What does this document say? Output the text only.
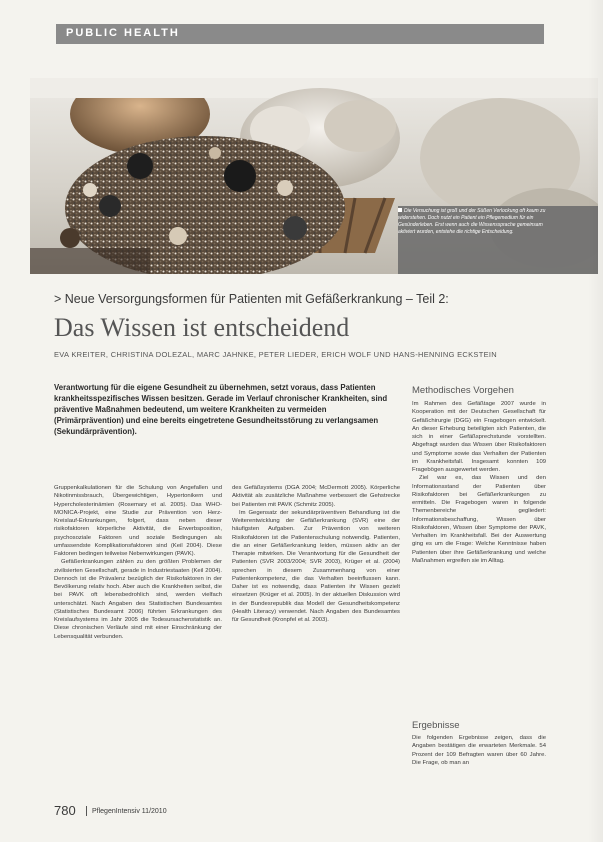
PUBLIC HEALTH
Die Versuchung ist groß und der Süßen Verlockung oft kaum zu widerstehen. Doch nutzt ein Patient ein Pflegemedium für ein Gesünderleben. Erst wenn auch die Wissenssprache gemeinsam aktiviert wurden, entstehe die richtige Entscheidung.
> Neue Versorgungsformen für Patienten mit Gefäßerkrankung – Teil 2:
Das Wissen ist entscheidend
EVA KREITER, CHRISTINA DOLEZAL, MARC JAHNKE, PETER LIEDER, ERICH WOLF UND HANS-HENNING ECKSTEIN
Verantwortung für die eigene Gesundheit zu übernehmen, setzt voraus, dass Patienten krankheitsspezifisches Wissen besitzen. Gerade im Verlauf chronischer Krankheiten, sind präventive Maßnahmen bedeutend, um weitere Krankheiten zu vermeiden (Primärprävention) und eine bereits eingetretene Gesundheitsstörung zu verlangsamen (Sekundärprävention).

Gruppenkalkulationen für die Schulung von Angefallen und Nikotinmissbrauch, Übergewichtigen, Hypertonikern und Hypercholesterinämien (Rosemary et al. 2005). Das WHO-MONICA-Projekt, eine Studie zur Prävention von Herz-Kreislauf-Erkrankungen, folgert, dass neben dieser risikofaktoren körperliche Aktivität, die Erwerbsposition, psychosoziale Faktoren und soziale Bedingungen als umfassendste Komplikationsfaktoren sind (Keil 2004). Diese Faktoren bedingen teilweise Nebenwirkungen (PAVK).

Gefäßerkrankungen zählen zu den größten Problemen der zivilisierten Gesellschaft, gerade in Industriestaaten (Keil 2004). Dennoch ist die Prävalenz bezüglich der Risikofaktoren in der Bevölkerung relativ hoch. Aber auch die Krankheiten selbst, die bei PAVK oft lebensbedrohlich sind, werden vielfach unterschätzt. Nach Angaben des Statistischen Bundesamtes (Statistisches Bundesamt 2006) führten Erkrankungen des Kreislaufsystems im Jahr 2005 die Todesursachenstatistik an. Diese chronischen Verläufe sind mit einer Einschränkung der Lebensqualität verbunden.

des Gefäßsystems (DGA 2004; McDermott 2005). Körperliche Aktivität als zusätzliche Maßnahme verbessert die Gehstrecke bei Patienten mit PAVK (Schmitz 2005).

Im Gegensatz der sekundärpräventiven Behandlung ist die Weiterentwicklung der Gefäßerkrankung (SVR) eine der häufigsten Aufgaben. Zur Prävention von weiteren Risikofaktoren ist die Patientenschulung notwendig. Patienten, die an einer Gefäßerkrankung leiden, müssen aktiv an der Therapie mitwirken. Die Verantwortung für die Gesundheit der Patienten (SVR 2003/2004; SVR 2003), Krüger et al. (2004) sprechen in diesem Zusammenhang von einer Patientenkompetenz, die das Verhalten beeinflussen kann. Daher ist es notwendig, dass Patienten ihr Wissen gezielt einsetzen (Krüger et al. 2005). In der aktuellen Diskussion wird in der Bundesrepublik das Modell der Gesundheitskompetenz (Health Literacy) verwendet. Nach Angaben des Bundesamtes für Gesundheit (Kronpfel et al. 2003).

Methodisches Vorgehen

Im Rahmen des Gefäßtage 2007 wurde in Kooperation mit der Deutschen Gesellschaft für Gefäßchirurgie (DGG) ein Fragebogen entwickelt. An dieser Erhebung beteiligten sich Patienten, die sich in einer Gefäßsprechstunde vorstellten. Abgefragt wurden das Wissen über Risikofaktoren und Symptome sowie das Verhalten der Patienten im Krankheitsfall. Insgesamt konnten 109 Fragebögen ausgewertet werden.

Ziel war es, das Wissen und den Informationsstand der Patienten über Risikofaktoren bei Gefäßerkrankungen zu ermitteln. Die Fragebogen waren in folgende Themenbereiche gegliedert: Informationsbeschaffung, Wissen über Risikofaktoren, Wissen über Symptome der PAVK, Verhalten im Krankheitsfall. Bei der Auswertung ging es um die Frage: Welche Kenntnisse haben Patienten über ihre Gefäßerkrankung und welche Maßnahmen ergreifen sie im Alltag.

Ergebnisse

Die folgenden Ergebnisse zeigen, dass die Angaben bestätigen die erwarteten Merkmale. 54 Prozent der 109 Befragten waren über 60 Jahre. Die Frage, ob man an

780 PflegenIntensiv 11/2010
